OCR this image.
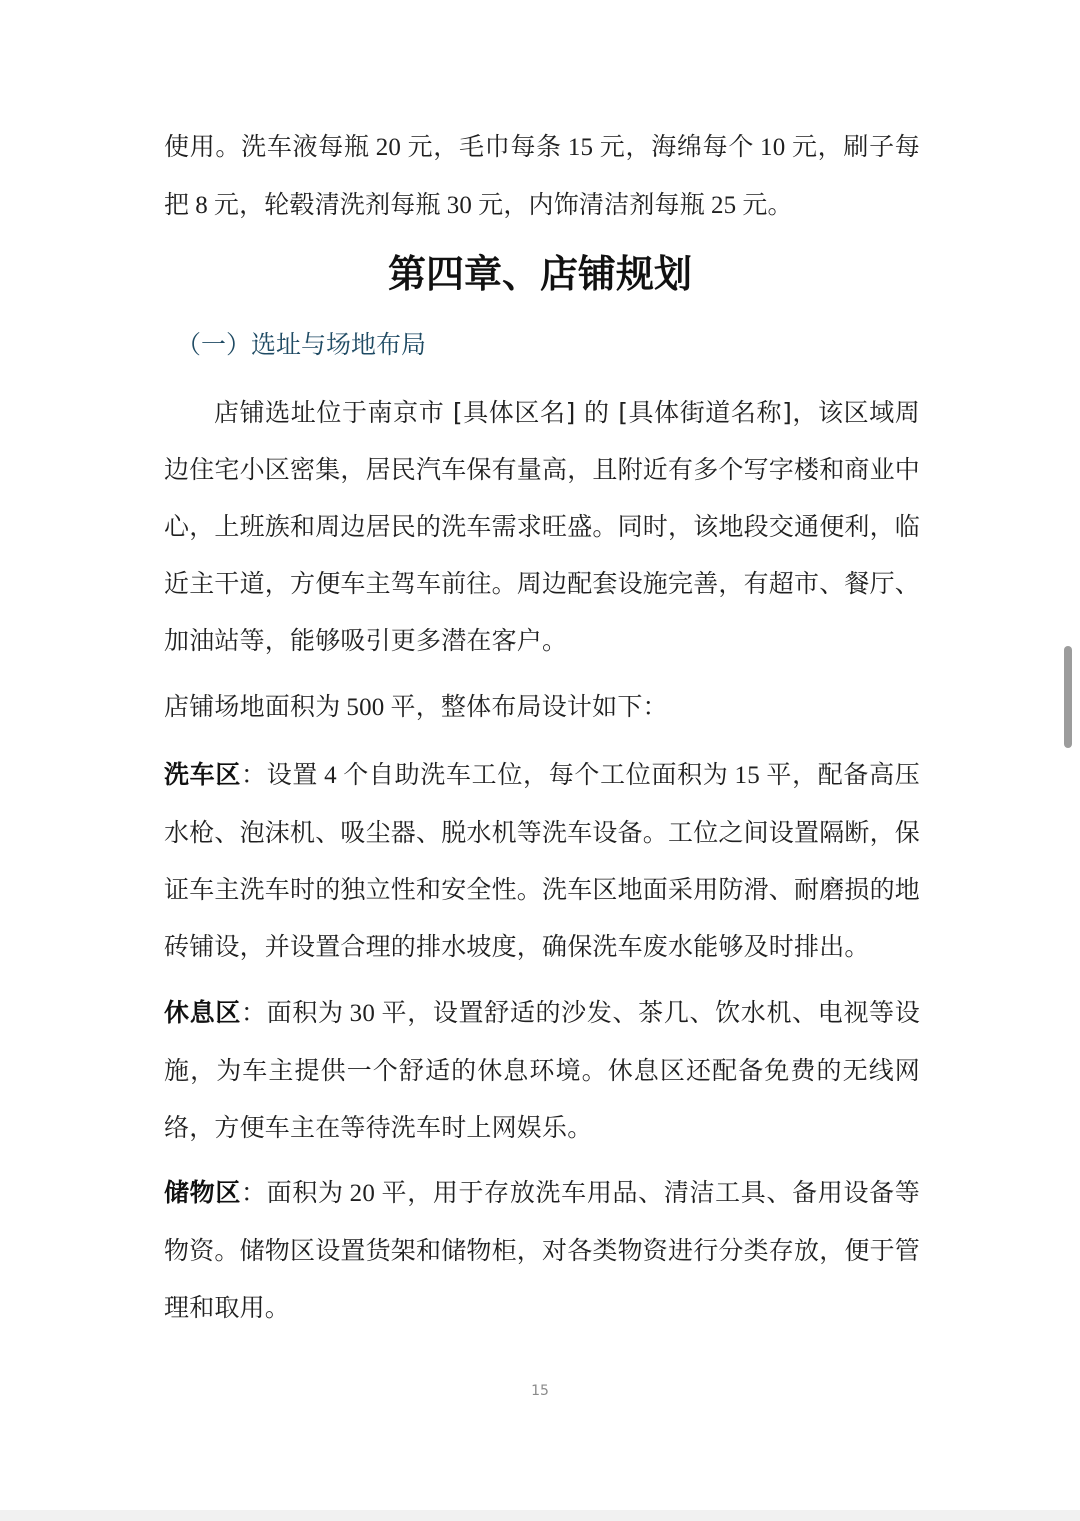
使用。洗车液每瓶 20 元，毛巾每条 15 元，海绵每个 10 元，刷子每把 8 元，轮毂清洗剂每瓶 30 元，内饰清洁剂每瓶 25 元。
第四章、店铺规划
（一）选址与场地布局
店铺选址位于南京市 [具体区名] 的 [具体街道名称]，该区域周边住宅小区密集，居民汽车保有量高，且附近有多个写字楼和商业中心，上班族和周边居民的洗车需求旺盛。同时，该地段交通便利，临近主干道，方便车主驾车前往。周边配套设施完善，有超市、餐厅、加油站等，能够吸引更多潜在客户。
店铺场地面积为 500 平，整体布局设计如下：
洗车区：设置 4 个自助洗车工位，每个工位面积为 15 平，配备高压水枪、泡沫机、吸尘器、脱水机等洗车设备。工位之间设置隔断，保证车主洗车时的独立性和安全性。洗车区地面采用防滑、耐磨损的地砖铺设，并设置合理的排水坡度，确保洗车废水能够及时排出。
休息区：面积为 30 平，设置舒适的沙发、茶几、饮水机、电视等设施，为车主提供一个舒适的休息环境。休息区还配备免费的无线网络，方便车主在等待洗车时上网娱乐。
储物区：面积为 20 平，用于存放洗车用品、清洁工具、备用设备等物资。储物区设置货架和储物柜，对各类物资进行分类存放，便于管理和取用。
15
